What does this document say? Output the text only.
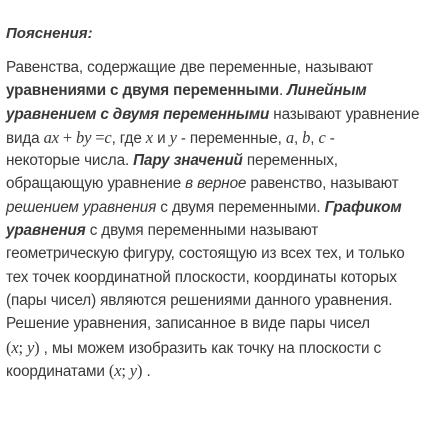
Пояснения:
Равенства, содержащие две переменные, называют
уравнениями с двумя переменными. Линейным
уравнением с двумя переменными называют уравнение
вида ax + by =c, где x и y - переменные, a, b, c -
некоторые числа. Пару значений переменных,
обращающую уравнение в верное равенство, называют
решением уравнения с двумя переменными. Графиком
уравнения с двумя переменными называют
геометрическую фигуру, состоящую из всех тех, и только
тех точек координатной плоскости, координаты которых
(пары чисел) являются решениями данного уравнения.
Решение уравнения, записанное в виде пары чисел
(x; y) , мы можем изобразить как точку на плоскости с
координатами (x; y) .
